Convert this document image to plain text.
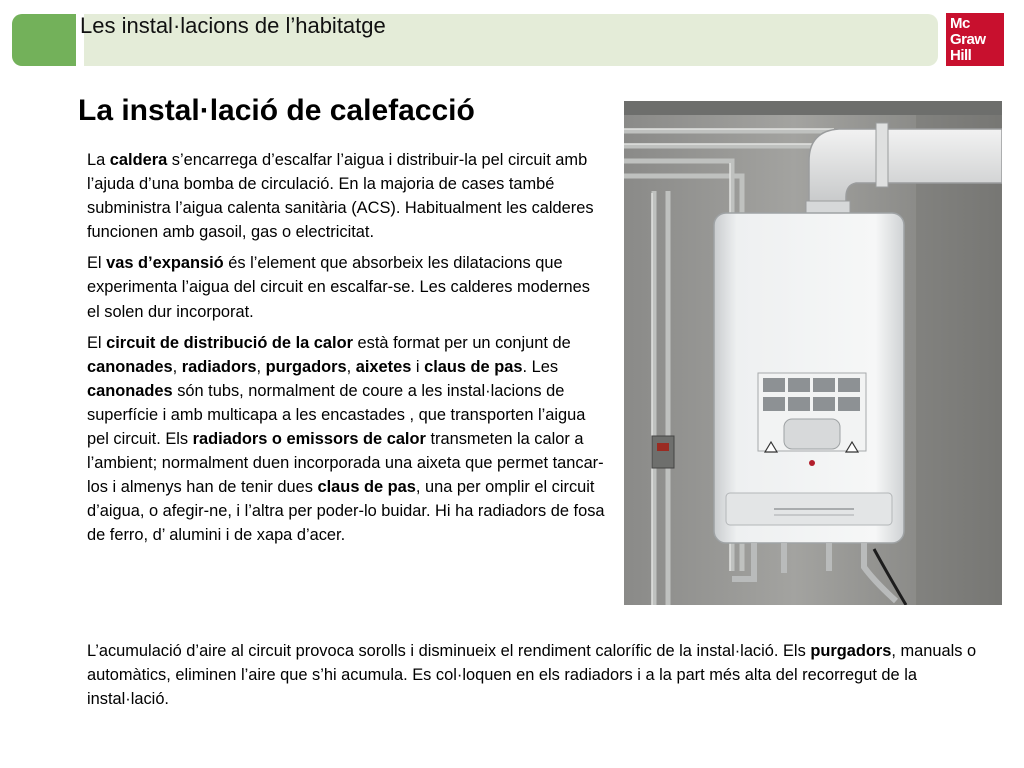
Les instal·lacions de l’habitatge	Mc
Graw
Hill
La instal·lació de calefacció

La caldera s’encarrega d’escalfar l’aigua i distribuir-la pel circuit amb l’ajuda d’una bomba de circulació. En la majoria de cases també subministra l’aigua calenta sanitària (ACS). Habitualment les calderes funcionen amb gasoil, gas o electricitat.

El vas d’expansió és l’element que absorbeix les dilatacions que experimenta l’aigua del circuit en escalfar-se. Les calderes modernes el solen dur incorporat.

El circuit de distribució de la calor està format per un conjunt de canonades, radiadors, purgadors, aixetes i claus de pas. Les canonades són tubs, normalment de coure a les instal·lacions de superfície i amb multicapa a les encastades , que transporten l’aigua pel circuit. Els radiadors o emissors de calor transmeten la calor a l’ambient; normalment duen incorporada una aixeta que permet tancar-los i almenys han de tenir dues claus de pas, una per omplir el circuit d’aigua, o afegir-ne, i l’altra per poder-lo buidar. Hi ha radiadors de fosa de ferro, d’ alumini i de xapa d’acer.

L’acumulació d’aire al circuit provoca sorolls i disminueix el rendiment calorífic de la instal·lació. Els purgadors, manuals o automàtics, eliminen l’aire que s’hi acumula. Es col·loquen en els radiadors i a la part més alta del recorregut de la instal·lació.
